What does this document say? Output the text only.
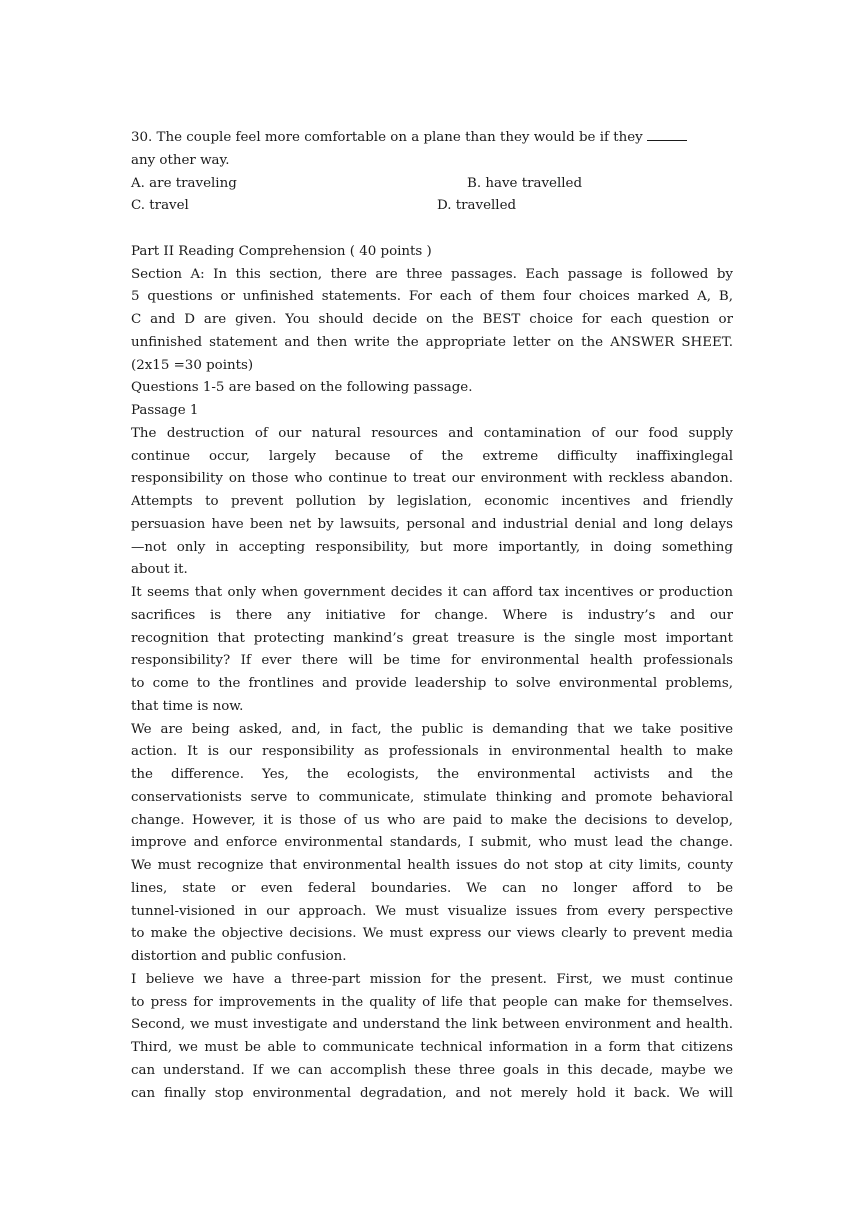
30. The couple feel more comfortable on a plane than they would be if they
any other way.
A. are traveling	B. have travelled
C. travel	D. travelled
Part II Reading Comprehension ( 40 points )
Section A: In this section, there are three passages. Each passage is followed by
5 questions or unfinished statements. For each of them four choices marked A, B,
C and D are given. You should decide on the BEST choice for each question or
unfinished statement and then write the appropriate letter on the ANSWER SHEET.
(2x15 =30 points)
Questions 1-5 are based on the following passage.
Passage 1
The destruction of our natural resources and contamination of our food supply
continue occur, largely because of the extreme difficulty inaffixinglegal
responsibility on those who continue to treat our environment with reckless abandon.
Attempts to prevent pollution by legislation, economic incentives and friendly
persuasion have been net by lawsuits, personal and industrial denial and long delays
—not only in accepting responsibility, but more importantly, in doing something
about it.
It seems that only when government decides it can afford tax incentives or production
sacrifices is there any initiative for change. Where is industry’s and our
recognition that protecting mankind’s great treasure is the single most important
responsibility? If ever there will be time for environmental health professionals
to come to the frontlines and provide leadership to solve environmental problems,
that time is now.
We are being asked, and, in fact, the public is demanding that we take positive
action. It is our responsibility as professionals in environmental health to make
the difference. Yes, the ecologists, the environmental activists and the
conservationists serve to communicate, stimulate thinking and promote behavioral
change. However, it is those of us who are paid to make the decisions to develop,
improve and enforce environmental standards, I submit, who must lead the change.
We must recognize that environmental health issues do not stop at city limits, county
lines, state or even federal boundaries. We can no longer afford to be
tunnel-visioned in our approach. We must visualize issues from every perspective
to make the objective decisions. We must express our views clearly to prevent media
distortion and public confusion.
I believe we have a three-part mission for the present. First, we must continue
to press for improvements in the quality of life that people can make for themselves.
Second, we must investigate and understand the link between environment and health.
Third, we must be able to communicate technical information in a form that citizens
can understand. If we can accomplish these three goals in this decade, maybe we
can finally stop environmental degradation, and not merely hold it back. We will
